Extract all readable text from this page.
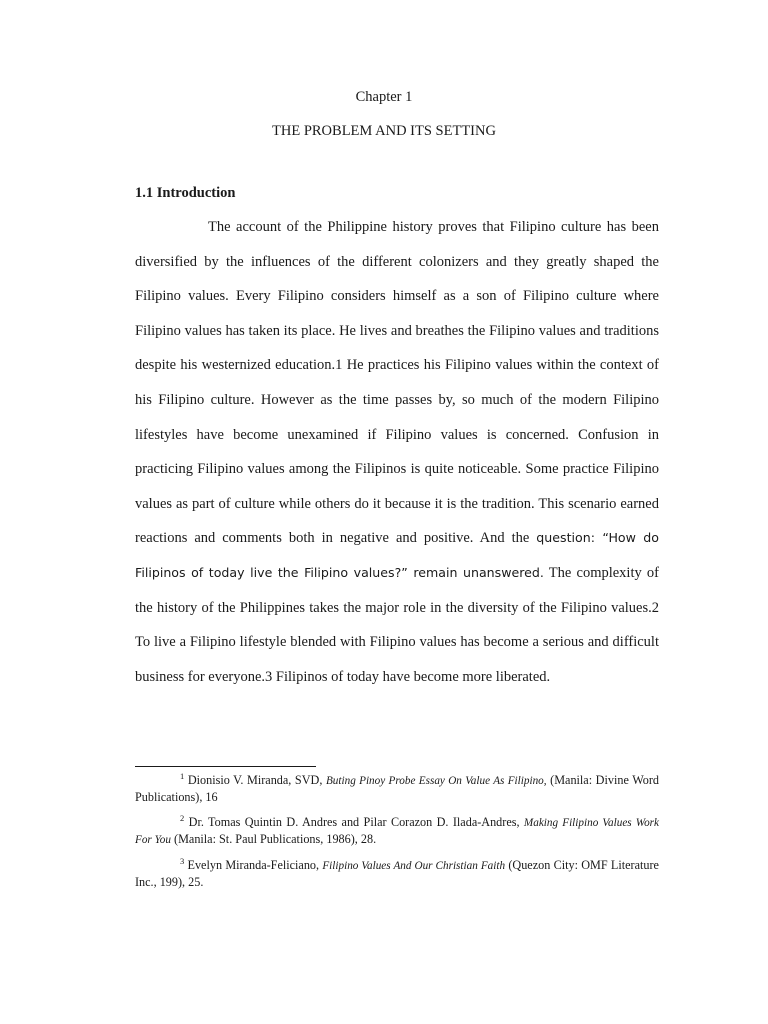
Chapter 1
THE PROBLEM AND ITS SETTING
1.1 Introduction

The account of the Philippine history proves that Filipino culture has been diversified by the influences of the different colonizers and they greatly shaped the Filipino values. Every Filipino considers himself as a son of Filipino culture where Filipino values has taken its place. He lives and breathes the Filipino values and traditions despite his westernized education.1 He practices his Filipino values within the context of his Filipino culture. However as the time passes by, so much of the modern Filipino lifestyles have become unexamined if Filipino values is concerned. Confusion in practicing Filipino values among the Filipinos is quite noticeable. Some practice Filipino values as part of culture while others do it because it is the tradition. This scenario earned reactions and comments both in negative and positive. And the question: “How do Filipinos of today live the Filipino values?” remain unanswered. The complexity of the history of the Philippines takes the major role in the diversity of the Filipino values.2 To live a Filipino lifestyle blended with Filipino values has become a serious and difficult business for everyone.3 Filipinos of today have become more liberated.

$^1$ Dionisio V. Miranda, SVD, Buting Pinoy Probe Essay On Value As Filipino, (Manila: Divine Word Publications), 16

$^2$ Dr. Tomas Quintin D. Andres and Pilar Corazon D. Ilada-Andres, Making Filipino Values Work For You (Manila: St. Paul Publications, 1986), 28.

$^3$ Evelyn Miranda-Feliciano, Filipino Values And Our Christian Faith (Quezon City: OMF Literature Inc., 199), 25.
